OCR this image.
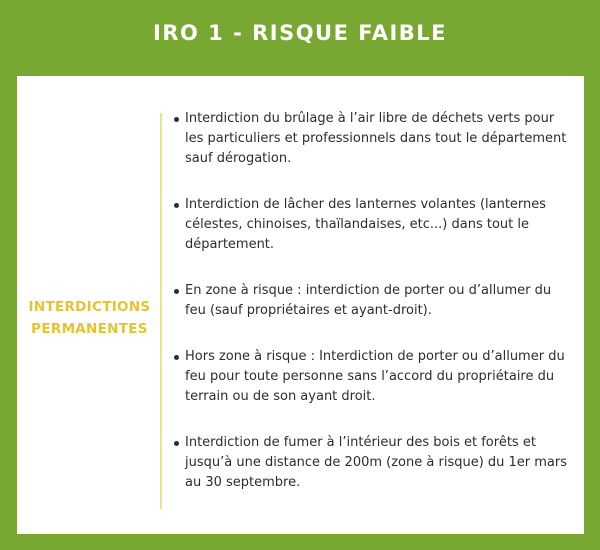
IRO 1 - RISQUE FAIBLE
INTERDICTIONS
PERMANENTES
Interdiction du brûlage à l’air libre de déchets verts pour les particuliers et professionnels dans tout le département sauf dérogation.
Interdiction de lâcher des lanternes volantes (lanternes célestes, chinoises, thaïlandaises, etc...) dans tout le département.
En zone à risque : interdiction de porter ou d’allumer du feu (sauf propriétaires et ayant-droit).
Hors zone à risque : Interdiction de porter ou d’allumer du feu pour toute personne sans l’accord du propriétaire du terrain ou de son ayant droit.
Interdiction de fumer à l’intérieur des bois et forêts et jusqu’à une distance de 200m (zone à risque) du 1er mars au 30 septembre.
